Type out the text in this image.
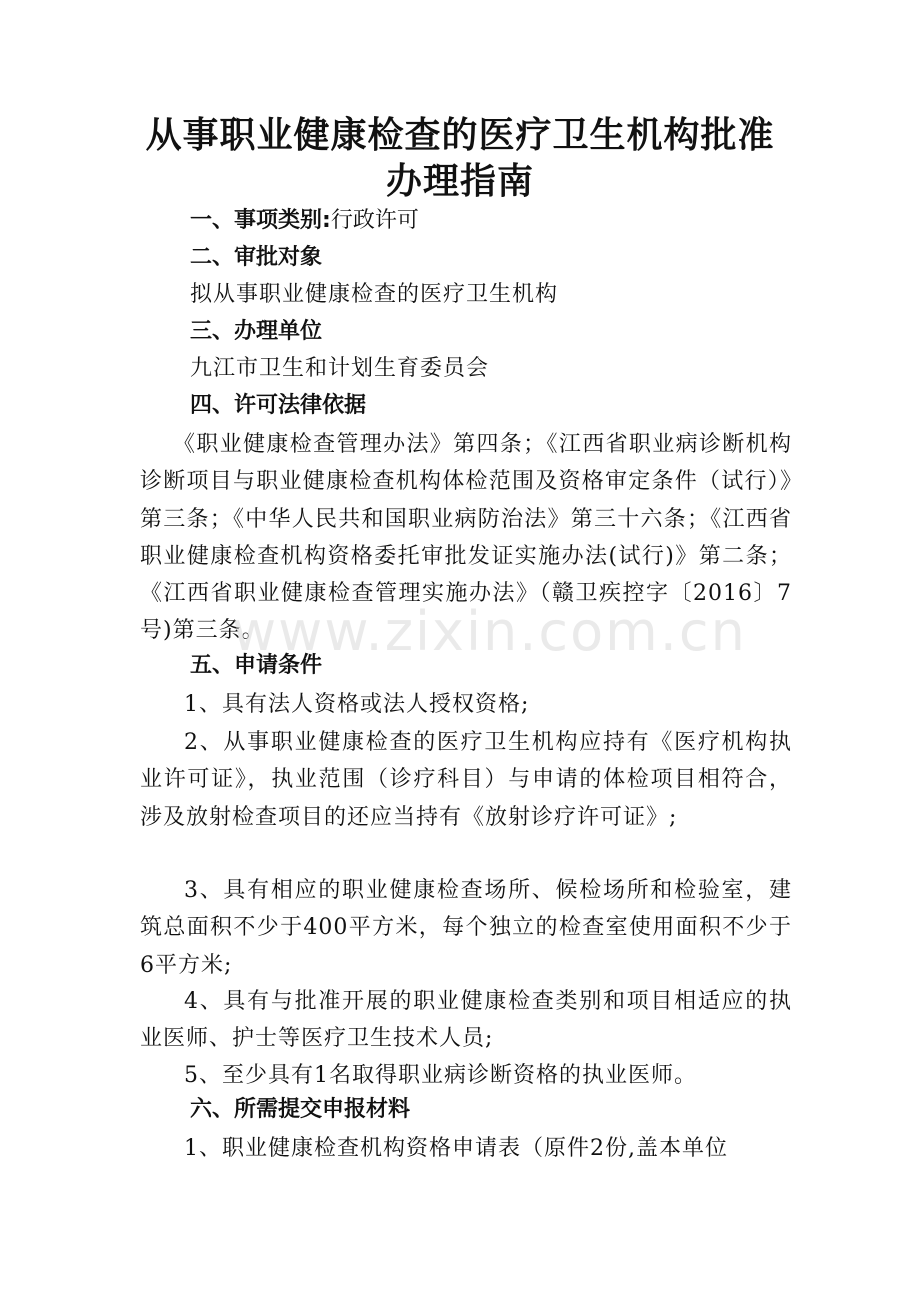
从事职业健康检查的医疗卫生机构批准
办理指南
一、事项类别:行政许可
二、审批对象
拟从事职业健康检查的医疗卫生机构
三、办理单位
九江市卫生和计划生育委员会
四、许可法律依据
《职业健康检查管理办法》第四条；《江西省职业病诊断机构诊断项目与职业健康检查机构体检范围及资格审定条件（试行）》第三条；《中华人民共和国职业病防治法》第三十六条；《江西省职业健康检查机构资格委托审批发证实施办法(试行)》第二条；《江西省职业健康检查管理实施办法》（赣卫疾控字〔2016〕7号)第三条。
五、申请条件
1、具有法人资格或法人授权资格;
2、从事职业健康检查的医疗卫生机构应持有《医疗机构执业许可证》，执业范围（诊疗科目）与申请的体检项目相符合，涉及放射检查项目的还应当持有《放射诊疗许可证》;
3、具有相应的职业健康检查场所、候检场所和检验室，建筑总面积不少于400平方米，每个独立的检查室使用面积不少于6平方米;
4、具有与批准开展的职业健康检查类别和项目相适应的执业医师、护士等医疗卫生技术人员;
5、至少具有1名取得职业病诊断资格的执业医师。
六、所需提交申报材料
1、职业健康检查机构资格申请表（原件2份,盖本单位
www.zixin.com.cn
